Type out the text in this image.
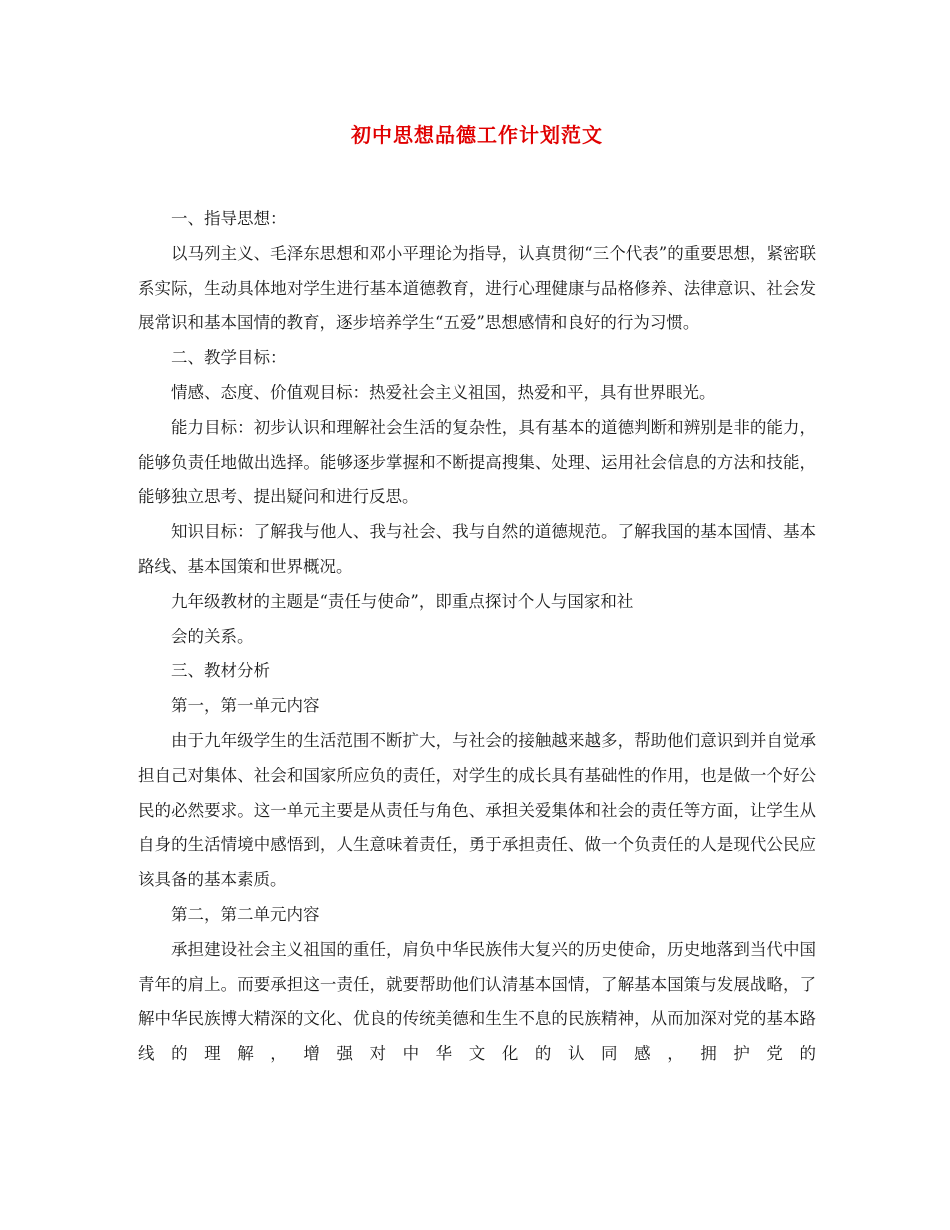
初中思想品德工作计划范文

一、指导思想：

以马列主义、毛泽东思想和邓小平理论为指导，认真贯彻“三个代表”的重要思想，紧密联系实际，生动具体地对学生进行基本道德教育，进行心理健康与品格修养、法律意识、社会发展常识和基本国情的教育，逐步培养学生“五爱”思想感情和良好的行为习惯。

二、教学目标：

情感、态度、价值观目标：热爱社会主义祖国，热爱和平，具有世界眼光。

能力目标：初步认识和理解社会生活的复杂性，具有基本的道德判断和辨别是非的能力，能够负责任地做出选择。能够逐步掌握和不断提高搜集、处理、运用社会信息的方法和技能，能够独立思考、提出疑问和进行反思。

知识目标：了解我与他人、我与社会、我与自然的道德规范。了解我国的基本国情、基本路线、基本国策和世界概况。

九年级教材的主题是“责任与使命”，即重点探讨个人与国家和社

会的关系。

三、教材分析

第一，第一单元内容

由于九年级学生的生活范围不断扩大，与社会的接触越来越多，帮助他们意识到并自觉承担自己对集体、社会和国家所应负的责任，对学生的成长具有基础性的作用，也是做一个好公民的必然要求。这一单元主要是从责任与角色、承担关爱集体和社会的责任等方面，让学生从自身的生活情境中感悟到，人生意味着责任，勇于承担责任、做一个负责任的人是现代公民应该具备的基本素质。

第二，第二单元内容

承担建设社会主义祖国的重任，肩负中华民族伟大复兴的历史使命，历史地落到当代中国青年的肩上。而要承担这一责任，就要帮助他们认清基本国情，了解基本国策与发展战略，了解中华民族博大精深的文化、优良的传统美德和生生不息的民族精神，从而加深对党的基本路线的理解，增强对中华文化的认同感，拥护党的
